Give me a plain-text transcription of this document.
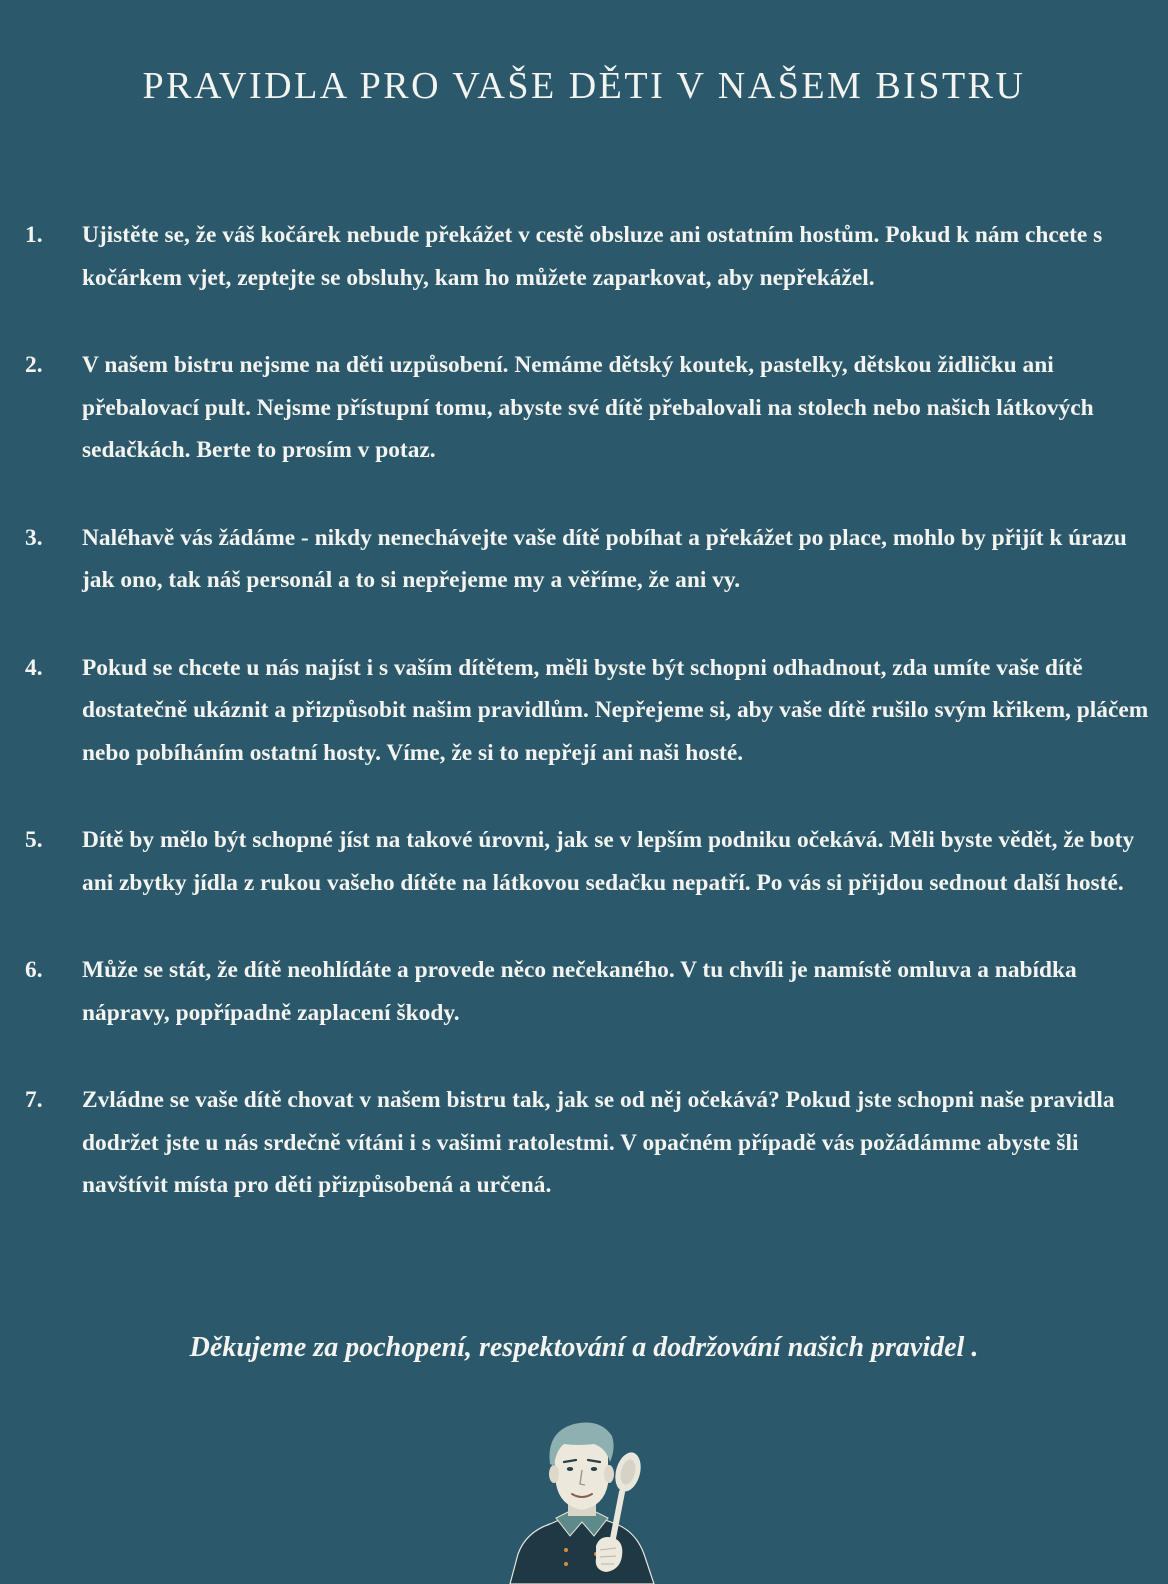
PRAVIDLA PRO VAŠE DĚTI V NAŠEM BISTRU
1.	Ujistěte se, že váš kočárek nebude překážet v cestě obsluze ani ostatním hostům. Pokud k nám chcete s kočárkem vjet, zeptejte se obsluhy, kam ho můžete zaparkovat, aby nepřekážel.
2.	V našem bistru nejsme na děti uzpůsobení. Nemáme dětský koutek, pastelky, dětskou židličku ani přebalovací pult. Nejsme přístupní tomu, abyste své dítě přebalovali na stolech nebo našich látkových sedačkách. Berte to prosím v potaz.
3.	Naléhavě vás žádáme - nikdy nenechávejte vaše dítě pobíhat a překážet po place, mohlo by přijít k úrazu jak ono, tak náš personál a to si nepřejeme my a věříme, že ani vy.
4.	Pokud se chcete u nás najíst i s vaším dítětem, měli byste být schopni odhadnout, zda umíte vaše dítě dostatečně ukáznit a přizpůsobit našim pravidlům. Nepřejeme si, aby vaše dítě rušilo svým křikem, pláčem nebo pobíháním ostatní hosty. Víme, že si to nepřejí ani naši hosté.
5.	Dítě by mělo být schopné jíst na takové úrovni, jak se v lepším podniku očekává. Měli byste vědět, že boty ani zbytky jídla z rukou vašeho dítěte na látkovou sedačku nepatří. Po vás si přijdou sednout další hosté.
6.	Může se stát, že dítě neohlídáte a provede něco nečekaného. V tu chvíli je namístě omluva a nabídka nápravy, popřípadně zaplacení škody.
7.	Zvládne se vaše dítě chovat v našem bistru tak, jak se od něj očekává? Pokud jste schopni naše pravidla dodržet jste u nás srdečně vítáni i s vašimi ratolestmi. V opačném případě vás požádámme abyste šli navštívit místa pro děti přizpůsobená a určená.

Děkujeme za pochopení, respektování a dodržování našich pravidel .
